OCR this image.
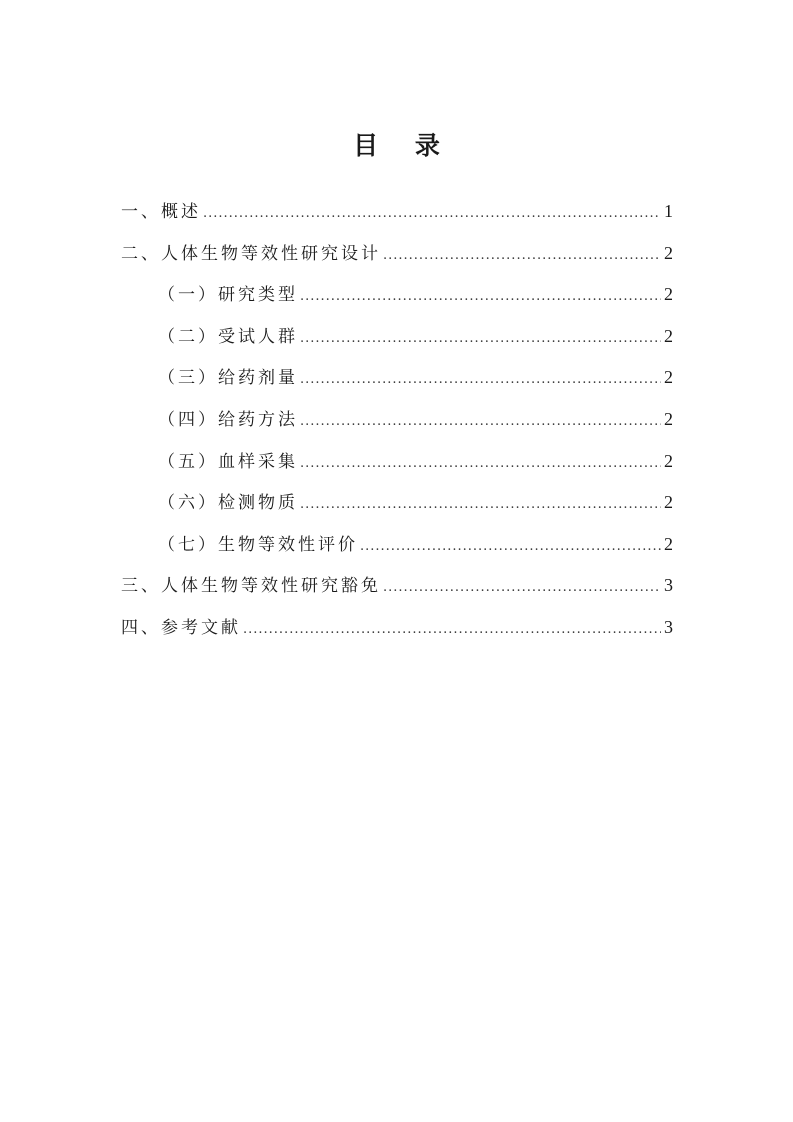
目 录
一、概述 .....	1
二、人体生物等效性研究设计 .....	2
（一）研究类型 .....	2
（二）受试人群 .....	2
（三）给药剂量 .....	2
（四）给药方法 .....	2
（五）血样采集 .....	2
（六）检测物质 .....	2
（七）生物等效性评价 .....	2
三、人体生物等效性研究豁免 .....	3
四、参考文献 .....	3
